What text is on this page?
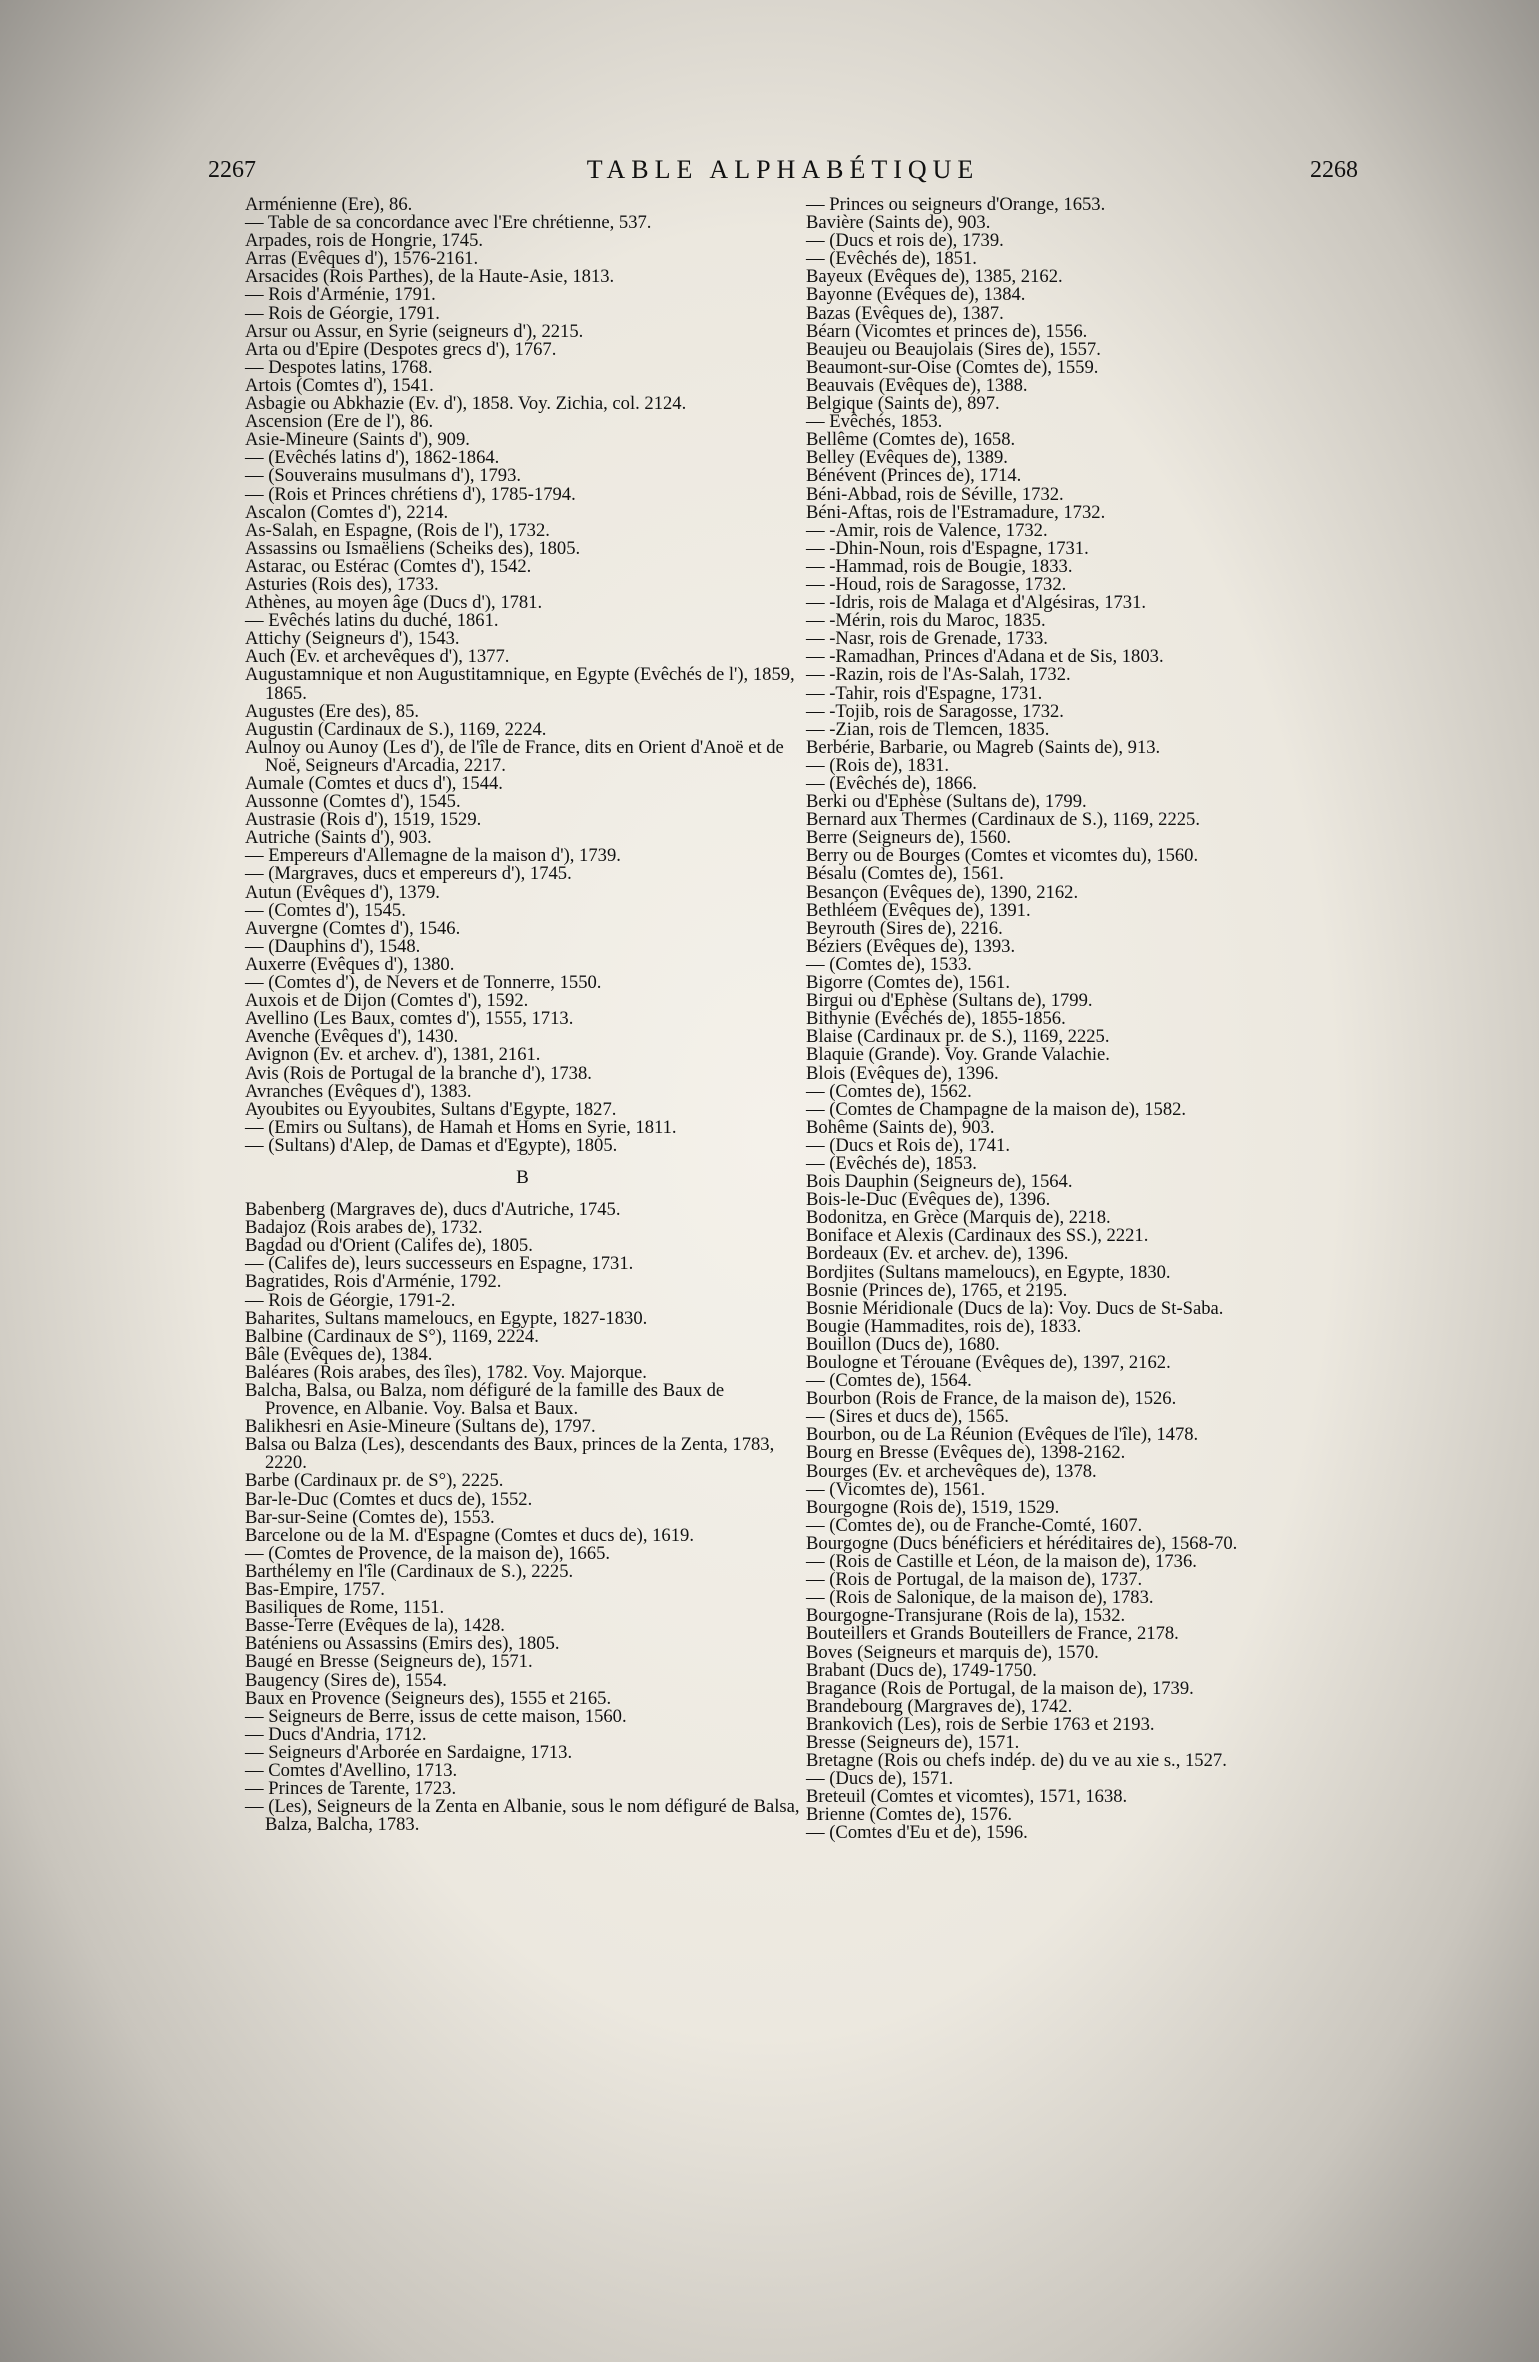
2267	TABLE ALPHABÉTIQUE	2268

Arménienne (Ere), 86.

— Table de sa concordance avec l'Ere chrétienne, 537.

Arpades, rois de Hongrie, 1745.

Arras (Evêques d'), 1576-2161.

Arsacides (Rois Parthes), de la Haute-Asie, 1813.

— Rois d'Arménie, 1791.

— Rois de Géorgie, 1791.

Arsur ou Assur, en Syrie (seigneurs d'), 2215.

Arta ou d'Epire (Despotes grecs d'), 1767.

— Despotes latins, 1768.

Artois (Comtes d'), 1541.

Asbagie ou Abkhazie (Ev. d'), 1858. Voy. Zichia, col. 2124.

Ascension (Ere de l'), 86.

Asie-Mineure (Saints d'), 909.

— (Evêchés latins d'), 1862-1864.

— (Souverains musulmans d'), 1793.

— (Rois et Princes chrétiens d'), 1785-1794.

Ascalon (Comtes d'), 2214.

As-Salah, en Espagne, (Rois de l'), 1732.

Assassins ou Ismaëliens (Scheiks des), 1805.

Astarac, ou Estérac (Comtes d'), 1542.

Asturies (Rois des), 1733.

Athènes, au moyen âge (Ducs d'), 1781.

— Evêchés latins du duché, 1861.

Attichy (Seigneurs d'), 1543.

Auch (Ev. et archevêques d'), 1377.

Augustamnique et non Augustitamnique, en Egypte (Evêchés de l'), 1859, 1865.

Augustes (Ere des), 85.

Augustin (Cardinaux de S.), 1169, 2224.

Aulnoy ou Aunoy (Les d'), de l'île de France, dits en Orient d'Anoë et de Noë, Seigneurs d'Arcadia, 2217.

Aumale (Comtes et ducs d'), 1544.

Aussonne (Comtes d'), 1545.

Austrasie (Rois d'), 1519, 1529.

Autriche (Saints d'), 903.

— Empereurs d'Allemagne de la maison d'), 1739.

— (Margraves, ducs et empereurs d'), 1745.

Autun (Evêques d'), 1379.

— (Comtes d'), 1545.

Auvergne (Comtes d'), 1546.

— (Dauphins d'), 1548.

Auxerre (Evêques d'), 1380.

— (Comtes d'), de Nevers et de Tonnerre, 1550.

Auxois et de Dijon (Comtes d'), 1592.

Avellino (Les Baux, comtes d'), 1555, 1713.

Avenche (Evêques d'), 1430.

Avignon (Ev. et archev. d'), 1381, 2161.

Avis (Rois de Portugal de la branche d'), 1738.

Avranches (Evêques d'), 1383.

Ayoubites ou Eyyoubites, Sultans d'Egypte, 1827.

— (Emirs ou Sultans), de Hamah et Homs en Syrie, 1811.

— (Sultans) d'Alep, de Damas et d'Egypte), 1805.

B

Babenberg (Margraves de), ducs d'Autriche, 1745.

Badajoz (Rois arabes de), 1732.

Bagdad ou d'Orient (Califes de), 1805.

— (Califes de), leurs successeurs en Espagne, 1731.

Bagratides, Rois d'Arménie, 1792.

— Rois de Géorgie, 1791-2.

Baharites, Sultans mameloucs, en Egypte, 1827-1830.

Balbine (Cardinaux de S°), 1169, 2224.

Bâle (Evêques de), 1384.

Baléares (Rois arabes, des îles), 1782. Voy. Majorque.

Balcha, Balsa, ou Balza, nom défiguré de la famille des Baux de Provence, en Albanie. Voy. Balsa et Baux.

Balikhesri en Asie-Mineure (Sultans de), 1797.

Balsa ou Balza (Les), descendants des Baux, princes de la Zenta, 1783, 2220.

Barbe (Cardinaux pr. de S°), 2225.

Bar-le-Duc (Comtes et ducs de), 1552.

Bar-sur-Seine (Comtes de), 1553.

Barcelone ou de la M. d'Espagne (Comtes et ducs de), 1619.

— (Comtes de Provence, de la maison de), 1665.

Barthélemy en l'île (Cardinaux de S.), 2225.

Bas-Empire, 1757.

Basiliques de Rome, 1151.

Basse-Terre (Evêques de la), 1428.

Baténiens ou Assassins (Emirs des), 1805.

Baugé en Bresse (Seigneurs de), 1571.

Baugency (Sires de), 1554.

Baux en Provence (Seigneurs des), 1555 et 2165.

— Seigneurs de Berre, issus de cette maison, 1560.

— Ducs d'Andria, 1712.

— Seigneurs d'Arborée en Sardaigne, 1713.

— Comtes d'Avellino, 1713.

— Princes de Tarente, 1723.

— (Les), Seigneurs de la Zenta en Albanie, sous le nom défiguré de Balsa, Balza, Balcha, 1783.

— Princes ou seigneurs d'Orange, 1653.

Bavière (Saints de), 903.

— (Ducs et rois de), 1739.

— (Evêchés de), 1851.

Bayeux (Evêques de), 1385, 2162.

Bayonne (Evêques de), 1384.

Bazas (Evêques de), 1387.

Béarn (Vicomtes et princes de), 1556.

Beaujeu ou Beaujolais (Sires de), 1557.

Beaumont-sur-Oise (Comtes de), 1559.

Beauvais (Evêques de), 1388.

Belgique (Saints de), 897.

— Evêchés, 1853.

Bellême (Comtes de), 1658.

Belley (Evêques de), 1389.

Bénévent (Princes de), 1714.

Béni-Abbad, rois de Séville, 1732.

Béni-Aftas, rois de l'Estramadure, 1732.

— -Amir, rois de Valence, 1732.

— -Dhin-Noun, rois d'Espagne, 1731.

— -Hammad, rois de Bougie, 1833.

— -Houd, rois de Saragosse, 1732.

— -Idris, rois de Malaga et d'Algésiras, 1731.

— -Mérin, rois du Maroc, 1835.

— -Nasr, rois de Grenade, 1733.

— -Ramadhan, Princes d'Adana et de Sis, 1803.

— -Razin, rois de l'As-Salah, 1732.

— -Tahir, rois d'Espagne, 1731.

— -Tojib, rois de Saragosse, 1732.

— -Zian, rois de Tlemcen, 1835.

Berbérie, Barbarie, ou Magreb (Saints de), 913.

— (Rois de), 1831.

— (Evêchés de), 1866.

Berki ou d'Ephèse (Sultans de), 1799.

Bernard aux Thermes (Cardinaux de S.), 1169, 2225.

Berre (Seigneurs de), 1560.

Berry ou de Bourges (Comtes et vicomtes du), 1560.

Bésalu (Comtes de), 1561.

Besançon (Evêques de), 1390, 2162.

Bethléem (Evêques de), 1391.

Beyrouth (Sires de), 2216.

Béziers (Evêques de), 1393.

— (Comtes de), 1533.

Bigorre (Comtes de), 1561.

Birgui ou d'Ephèse (Sultans de), 1799.

Bithynie (Evêchés de), 1855-1856.

Blaise (Cardinaux pr. de S.), 1169, 2225.

Blaquie (Grande). Voy. Grande Valachie.

Blois (Evêques de), 1396.

— (Comtes de), 1562.

— (Comtes de Champagne de la maison de), 1582.

Bohême (Saints de), 903.

— (Ducs et Rois de), 1741.

— (Evêchés de), 1853.

Bois Dauphin (Seigneurs de), 1564.

Bois-le-Duc (Evêques de), 1396.

Bodonitza, en Grèce (Marquis de), 2218.

Boniface et Alexis (Cardinaux des SS.), 2221.

Bordeaux (Ev. et archev. de), 1396.

Bordjites (Sultans mameloucs), en Egypte, 1830.

Bosnie (Princes de), 1765, et 2195.

Bosnie Méridionale (Ducs de la): Voy. Ducs de St-Saba.

Bougie (Hammadites, rois de), 1833.

Bouillon (Ducs de), 1680.

Boulogne et Térouane (Evêques de), 1397, 2162.

— (Comtes de), 1564.

Bourbon (Rois de France, de la maison de), 1526.

— (Sires et ducs de), 1565.

Bourbon, ou de La Réunion (Evêques de l'île), 1478.

Bourg en Bresse (Evêques de), 1398-2162.

Bourges (Ev. et archevêques de), 1378.

— (Vicomtes de), 1561.

Bourgogne (Rois de), 1519, 1529.

— (Comtes de), ou de Franche-Comté, 1607.

Bourgogne (Ducs bénéficiers et héréditaires de), 1568-70.

— (Rois de Castille et Léon, de la maison de), 1736.

— (Rois de Portugal, de la maison de), 1737.

— (Rois de Salonique, de la maison de), 1783.

Bourgogne-Transjurane (Rois de la), 1532.

Bouteillers et Grands Bouteillers de France, 2178.

Boves (Seigneurs et marquis de), 1570.

Brabant (Ducs de), 1749-1750.

Bragance (Rois de Portugal, de la maison de), 1739.

Brandebourg (Margraves de), 1742.

Brankovich (Les), rois de Serbie 1763 et 2193.

Bresse (Seigneurs de), 1571.

Bretagne (Rois ou chefs indép. de) du ve au xie s., 1527.

— (Ducs de), 1571.

Breteuil (Comtes et vicomtes), 1571, 1638.

Brienne (Comtes de), 1576.

— (Comtes d'Eu et de), 1596.
